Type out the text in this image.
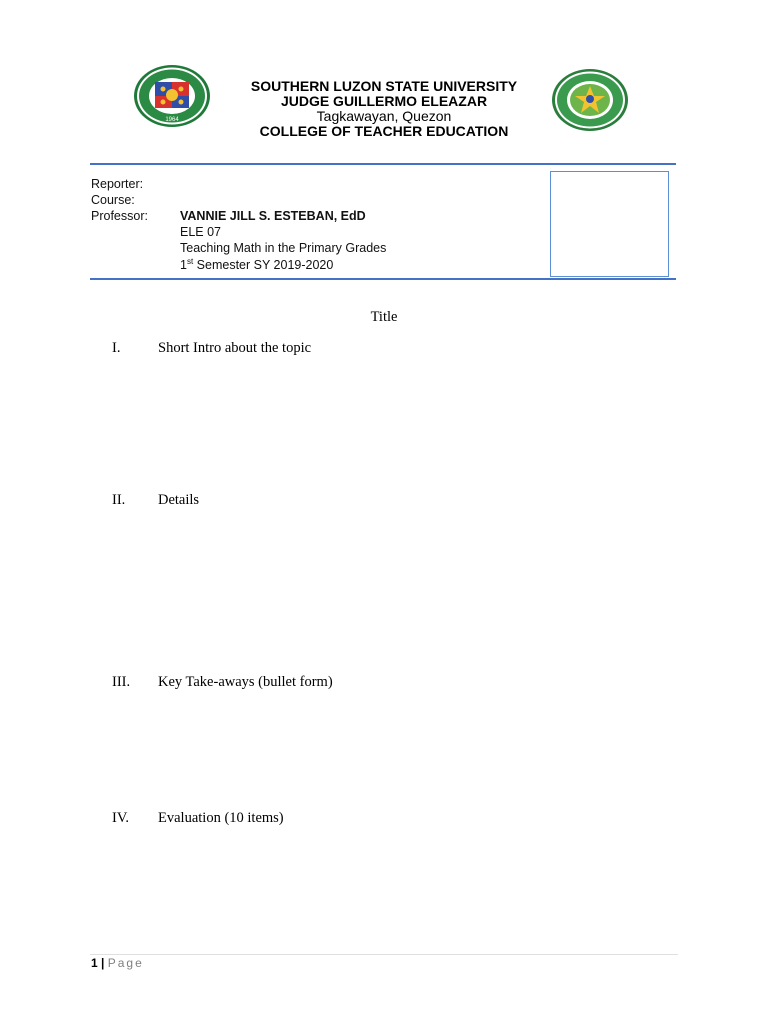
1964
SOUTHERN LUZON STATE UNIVERSITY
JUDGE GUILLERMO ELEAZAR
Tagkawayan, Quezon
COLLEGE OF TEACHER EDUCATION
Reporter:
Course:
Professor:	VANNIE JILL S. ESTEBAN, EdD
ELE 07
Teaching Math in the Primary Grades
1st Semester SY 2019-2020
Title
I.	Short Intro about the topic
II. Details
III. Key Take-aways (bullet form)
IV. Evaluation (10 items)
1 | Page
